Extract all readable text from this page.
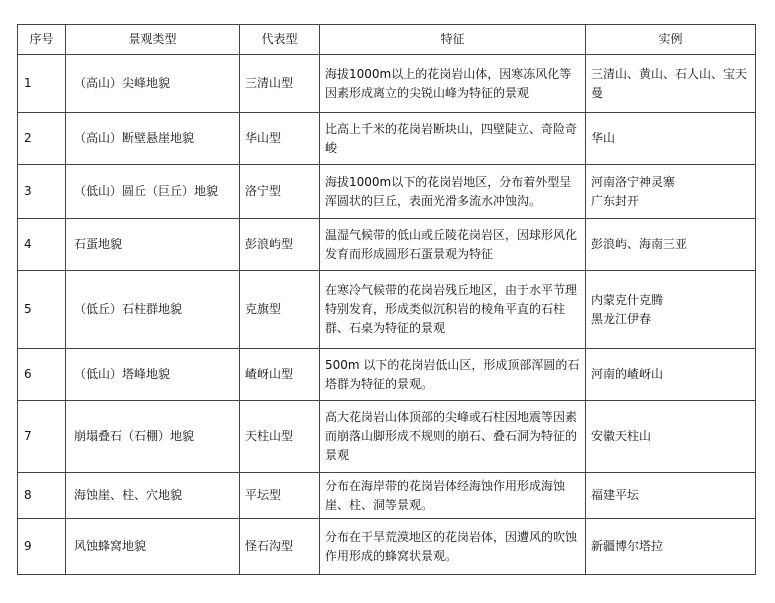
序号	景观类型	代表型	特征	实例
1	（高山）尖峰地貌	三清山型	海拔1000m以上的花岗岩山体，因寒冻风化等因素形成离立的尖锐山峰为特征的景观	三清山、黄山、石人山、宝天曼
2	（高山）断壁悬崖地貌	华山型	比高上千米的花岗岩断块山，四壁陡立、奇险奇峻	华山
3	（低山）圆丘（巨丘）地貌	洛宁型	海拔1000m以下的花岗岩地区，分布着外型呈浑圆状的巨丘，表面光滑多流水冲蚀沟。	河南洛宁神灵寨
广东封开
4	石蛋地貌	彭浪屿型	温湿气候带的低山或丘陵花岗岩区，因球形风化发育而形成圆形石蛋景观为特征	彭浪屿、海南三亚
5	（低丘）石柱群地貌	克旗型	在寒冷气候带的花岗岩残丘地区，由于水平节理特别发育，形成类似沉积岩的棱角平直的石柱群、石桌为特征的景观	内蒙克什克腾
黑龙江伊春
6	（低山）塔峰地貌	嵖岈山型	500m 以下的花岗岩低山区，形成顶部浑圆的石塔群为特征的景观。	河南的嵖岈山
7	崩塌叠石（石棚）地貌	天柱山型	高大花岗岩山体顶部的尖峰或石柱因地震等因素而崩落山脚形成不规则的崩石、叠石洞为特征的景观	安徽天柱山
8	海蚀崖、柱、穴地貌	平坛型	分布在海岸带的花岗岩体经海蚀作用形成海蚀崖、柱、洞等景观。	福建平坛
9	风蚀蜂窝地貌	怪石沟型	分布在干旱荒漠地区的花岗岩体，因遭风的吹蚀作用形成的蜂窝状景观。	新疆博尔塔拉
